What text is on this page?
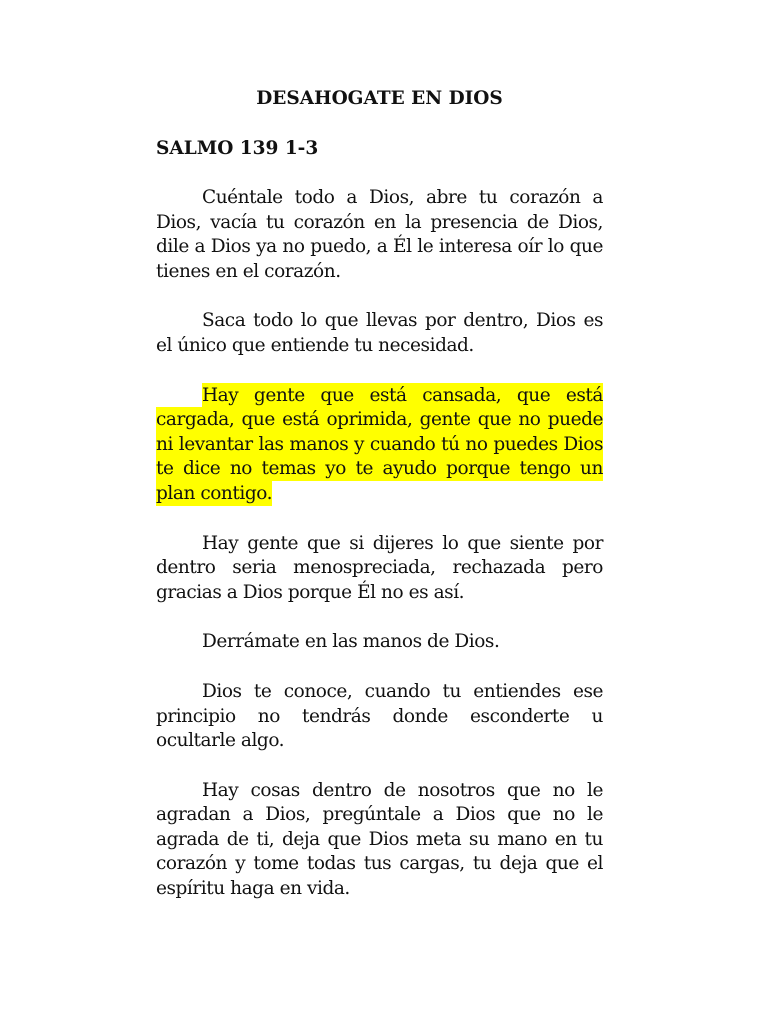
DESAHOGATE EN DIOS
SALMO 139 1-3

Cuéntale todo a Dios, abre tu corazón a Dios, vacía tu corazón en la presencia de Dios, dile a Dios ya no puedo, a Él le interesa oír lo que tienes en el corazón.

Saca todo lo que llevas por dentro, Dios es el único que entiende tu necesidad.

Hay gente que está cansada, que está cargada, que está oprimida, gente que no puede ni levantar las manos y cuando tú no puedes Dios te dice no temas yo te ayudo porque tengo un plan contigo.

Hay gente que si dijeres lo que siente por dentro seria menospreciada, rechazada pero gracias a Dios porque Él no es así.

Derrámate en las manos de Dios.

Dios te conoce, cuando tu entiendes ese principio no tendrás donde esconderte u ocultarle algo.

Hay cosas dentro de nosotros que no le agradan a Dios, pregúntale a Dios que no le agrada de ti, deja que Dios meta su mano en tu corazón y tome todas tus cargas, tu deja que el espíritu haga en vida.
